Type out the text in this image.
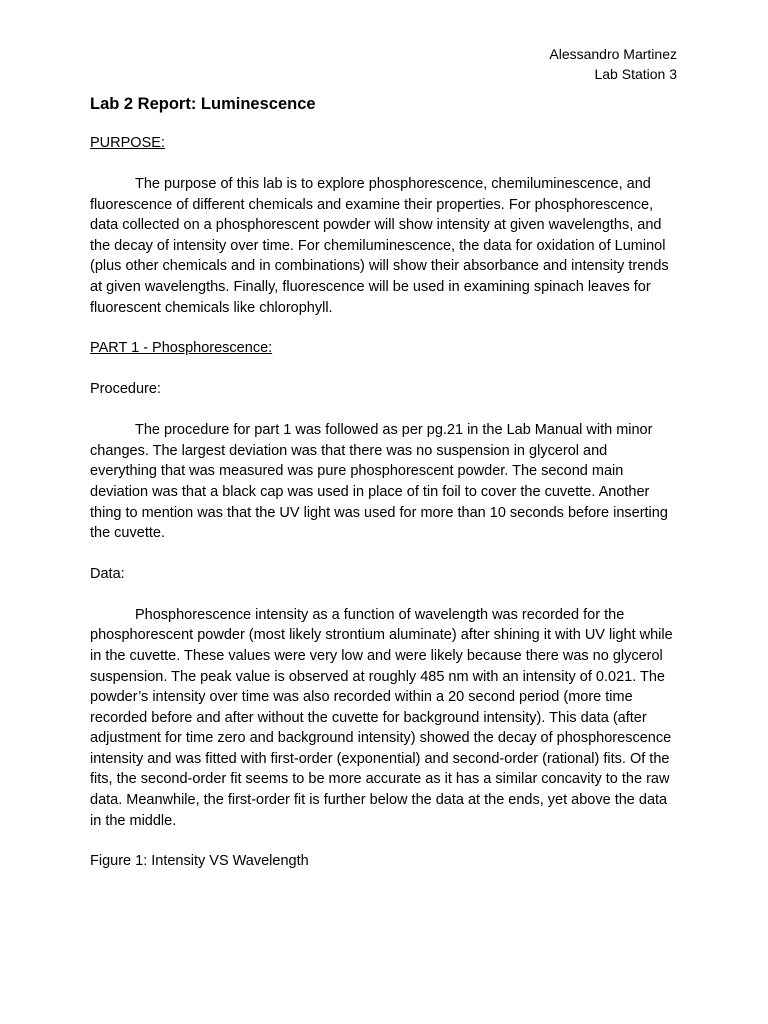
Alessandro Martinez
Lab Station 3
Lab 2 Report: Luminescence

PURPOSE:

The purpose of this lab is to explore phosphorescence, chemiluminescence, and fluorescence of different chemicals and examine their properties. For phosphorescence, data collected on a phosphorescent powder will show intensity at given wavelengths, and the decay of intensity over time. For chemiluminescence, the data for oxidation of Luminol (plus other chemicals and in combinations) will show their absorbance and intensity trends at given wavelengths. Finally, fluorescence will be used in examining spinach leaves for fluorescent chemicals like chlorophyll.

PART 1 - Phosphorescence:

Procedure:

The procedure for part 1 was followed as per pg.21 in the Lab Manual with minor changes. The largest deviation was that there was no suspension in glycerol and everything that was measured was pure phosphorescent powder. The second main deviation was that a black cap was used in place of tin foil to cover the cuvette. Another thing to mention was that the UV light was used for more than 10 seconds before inserting the cuvette.

Data:

Phosphorescence intensity as a function of wavelength was recorded for the phosphorescent powder (most likely strontium aluminate) after shining it with UV light while in the cuvette. These values were very low and were likely because there was no glycerol suspension. The peak value is observed at roughly 485 nm with an intensity of 0.021. The powder’s intensity over time was also recorded within a 20 second period (more time recorded before and after without the cuvette for background intensity). This data (after adjustment for time zero and background intensity) showed the decay of phosphorescence intensity and was fitted with first-order (exponential) and second-order (rational) fits. Of the fits, the second-order fit seems to be more accurate as it has a similar concavity to the raw data. Meanwhile, the first-order fit is further below the data at the ends, yet above the data in the middle.

Figure 1: Intensity VS Wavelength
